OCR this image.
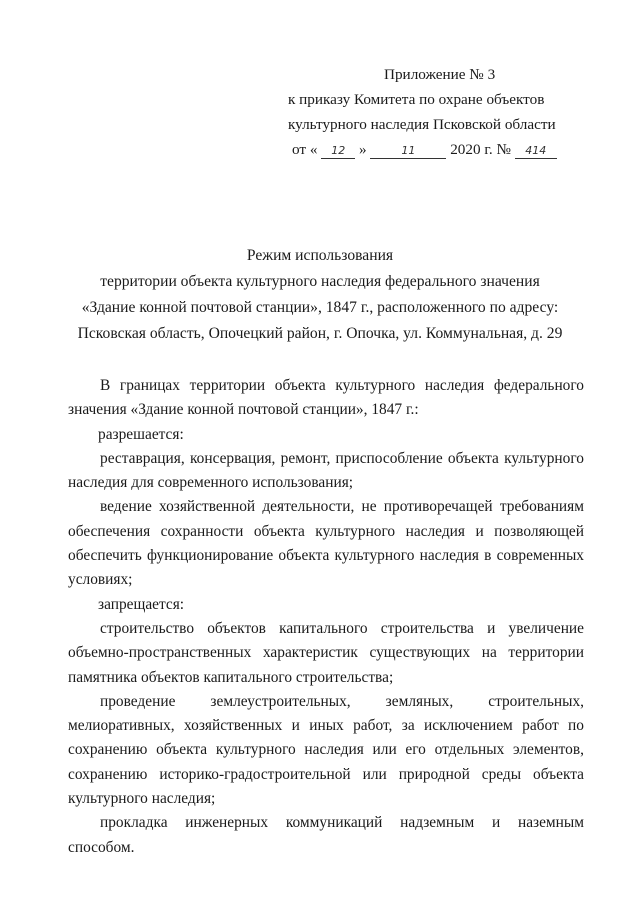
Приложение № 3
к приказу Комитета по охране объектов
культурного наследия Псковской области
от « 12 »	11 2020 г. № 414
Режим использования
территории объекта культурного наследия федерального значения
«Здание конной почтовой станции», 1847 г., расположенного по адресу:
Псковская область, Опочецкий район, г. Опочка, ул. Коммунальная, д. 29
В границах территории объекта культурного наследия федерального значения «Здание конной почтовой станции», 1847 г.:
разрешается:
реставрация, консервация, ремонт, приспособление объекта культурного наследия для современного использования;
ведение хозяйственной деятельности, не противоречащей требованиям обеспечения сохранности объекта культурного наследия и позволяющей обеспечить функционирование объекта культурного наследия в современных условиях;
запрещается:
строительство объектов капитального строительства и увеличение объемно-пространственных характеристик существующих на территории памятника объектов капитального строительства;
проведение землеустроительных, земляных, строительных, мелиоративных, хозяйственных и иных работ, за исключением работ по сохранению объекта культурного наследия или его отдельных элементов, сохранению историко-градостроительной или природной среды объекта культурного наследия;
прокладка инженерных коммуникаций надземным и наземным способом.
